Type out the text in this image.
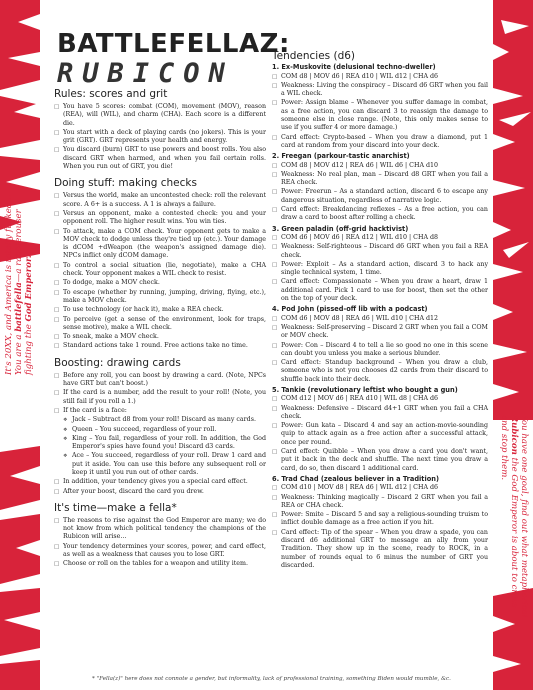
It's 20XX, and America is totally fucked... You are a battlefella—a rabblerouser
fighting the God Emperor.
You have one goal, find out what metaphorical
Rubicon the God Emperor is about to cross
and stop them.
BATTLEFELLAZ:
RUBICON
Rules: scores and grit
□ You have 5 scores: combat (COM), movement (MOV), reason (REA), will (WIL), and charm (CHA). Each score is a different die.
□ You start with a deck of playing cards (no jokers). This is your grit (GRT). GRT represents your health and energy.
□ You discard (burn) GRT to use powers and boost rolls. You also discard GRT when harmed, and when you fail certain rolls. When you run out of GRT, you die!
Doing stuff: making checks
□ Versus the world, make an uncontested check: roll the relevant score. A 6+ is a success. A 1 is always a failure.
□ Versus an opponent, make a contested check: you and your opponent roll. The higher result wins. You win ties.
□ To attack, make a COM check. Your opponent gets to make a MOV check to dodge unless they're tied up (etc.). Your damage is dCOM +dWeapon (the weapon's assigned damage die). NPCs inflict only dCOM damage.
□ To control a social situation (lie, negotiate), make a CHA check. Your opponent makes a WIL check to resist.
□ To dodge, make a MOV check.
□ To escape (whether by running, jumping, driving, flying, etc.), make a MOV check.
□ To use technology (or hack it), make a REA check.
□ To perceive (get a sense of the environment, look for traps, sense motive), make a WIL check.
□ To sneak, make a MOV check.
□ Standard actions take 1 round. Free actions take no time.
Boosting: drawing cards
□ Before any roll, you can boost by drawing a card. (Note, NPCs have GRT but can't boost.)
□ If the card is a number, add the result to your roll! (Note, you still fail if you roll a 1.)
□ If the card is a face:
❖ Jack – Subtract d8 from your roll! Discard as many cards.
❖ Queen – You succeed, regardless of your roll.
❖ King – You fail, regardless of your roll. In addition, the God Emperor's spies have found you! Discard d3 cards.
❖ Ace – You succeed, regardless of your roll. Draw 1 card and put it aside. You can use this before any subsequent roll or keep it until you run out of other cards.
□ In addition, your tendency gives you a special card effect.
□ After your boost, discard the card you drew.
It's time—make a fella*
□ The reasons to rise against the God Emperor are many; we do not know from which political tendency the champions of the Rubicon will arise...
□ Your tendency determines your scores, power, and card effect, as well as a weakness that causes you to lose GRT.
□ Choose or roll on the tables for a weapon and utility item.
Tendencies (d6)
1. Ex-Muskovite (delusional techno-dweller)
□ COM d8 | MOV d6 | REA d10 | WIL d12 | CHA d6
□ Weakness: Living the conspiracy – Discard d6 GRT when you fail a WIL check.
□ Power: Assign blame – Whenever you suffer damage in combat, as a free action, you can discard 3 to reassign the damage to someone else in close range. (Note, this only makes sense to use if you suffer 4 or more damage.)
□ Card effect: Crypto-based – When you draw a diamond, put 1 card at random from your discard into your deck.
2. Freegan (parkour-tastic anarchist)
□ COM d8 | MOV d12 | REA d6 | WIL d6 | CHA d10
□ Weakness: No real plan, man – Discard d8 GRT when you fail a REA check.
□ Power: Freerun – As a standard action, discard 6 to escape any dangerous situation, regardless of narrative logic.
□ Card effect: Breakdancing reflexes – As a free action, you can draw a card to boost after rolling a check.
3. Green paladin (off-grid hacktivist)
□ COM d6 | MOV d6 | REA d12 | WIL d10 | CHA d8
□ Weakness: Self-righteous – Discard d6 GRT when you fail a REA check.
□ Power: Exploit – As a standard action, discard 3 to hack any single technical system, 1 time.
□ Card effect: Compassionate – When you draw a heart, draw 1 additional card. Pick 1 card to use for boost, then set the other on the top of your deck.
4. Pod John (pissed-off lib with a podcast)
□ COM d6 | MOV d8 | REA d6 | WIL d10 | CHA d12
□ Weakness: Self-preserving – Discard 2 GRT when you fail a COM or MOV check.
□ Power: Con – Discard 4 to tell a lie so good no one in this scene can doubt you unless you make a serious blunder.
□ Card effect: Standup background – When you draw a club, someone who is not you chooses d2 cards from their discard to shuffle back into their deck.
5. Tankie (revolutionary leftist who bought a gun)
□ COM d12 | MOV d6 | REA d10 | WIL d8 | CHA d6
□ Weakness: Defensive – Discard d4+1 GRT when you fail a CHA check.
□ Power: Gun kata – Discard 4 and say an action-movie-sounding quip to attack again as a free action after a successful attack, once per round.
□ Card effect: Quibble – When you draw a card you don't want, put it back in the deck and shuffle. The next time you draw a card, do so, then discard 1 additional card.
6. Trad Chad (zealous believer in a Tradition)
□ COM d10 | MOV d8 | REA d6 | WIL d12 | CHA d6
□ Weakness: Thinking magically – Discard 2 GRT when you fail a REA or CHA check.
□ Power: Smite – Discard 5 and say a religious-sounding truism to inflict double damage as a free action if you hit.
□ Card effect: Tip of the spear – When you draw a spade, you can discard d6 additional GRT to message an ally from your Tradition. They show up in the scene, ready to ROCK, in a number of rounds equal to 6 minus the number of GRT you discarded.
* "Fella(z)" here does not connote a gender, but informality, lack of professional training, something Biden would mumble, &c.
